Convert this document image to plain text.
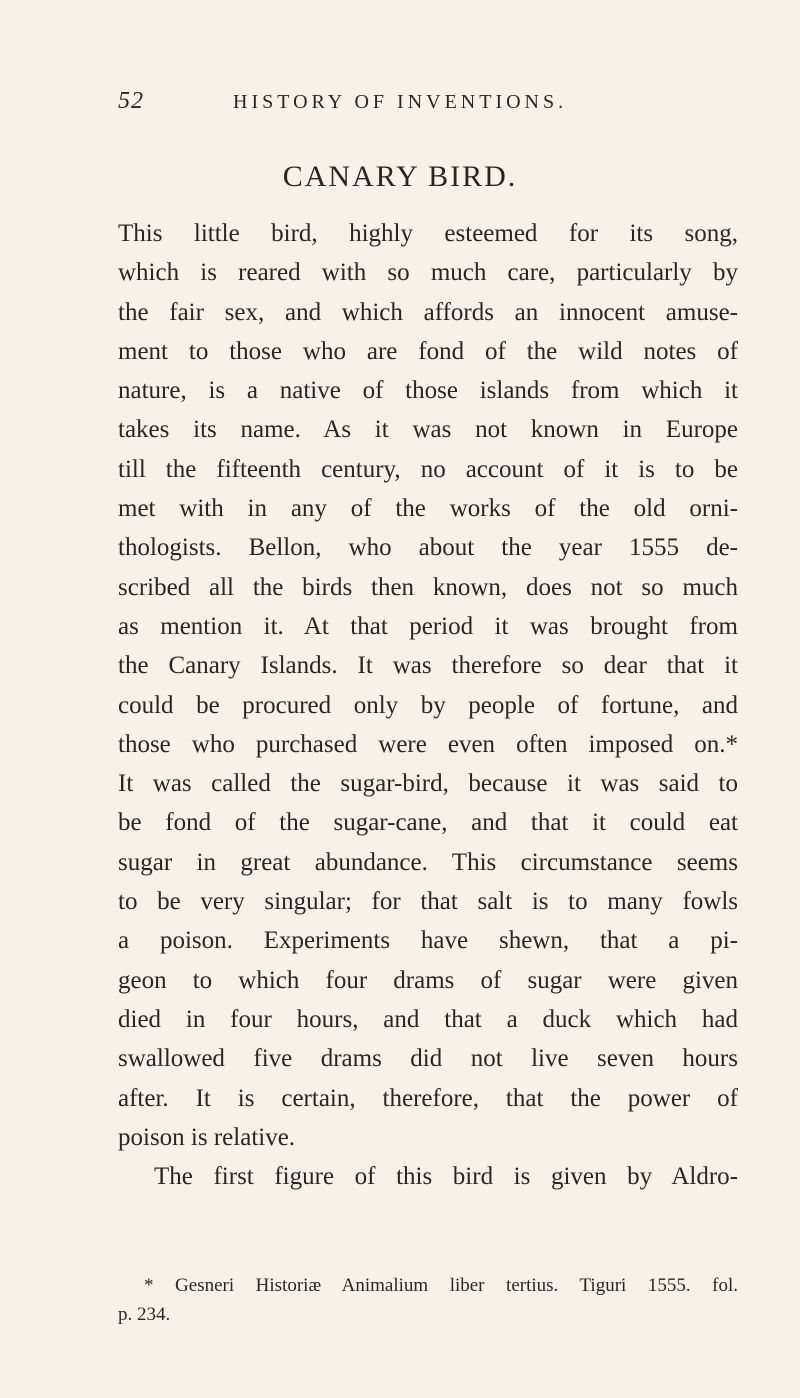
52	HISTORY OF INVENTIONS.
CANARY BIRD.
This little bird, highly esteemed for its song,
which is reared with so much care, particularly by
the fair sex, and which affords an innocent amuse-
ment to those who are fond of the wild notes of
nature, is a native of those islands from which it
takes its name. As it was not known in Europe
till the fifteenth century, no account of it is to be
met with in any of the works of the old orni-
thologists. Bellon, who about the year 1555 de-
scribed all the birds then known, does not so much
as mention it. At that period it was brought from
the Canary Islands. It was therefore so dear that it
could be procured only by people of fortune, and
those who purchased were even often imposed on.*
It was called the sugar-bird, because it was said to
be fond of the sugar-cane, and that it could eat
sugar in great abundance. This circumstance seems
to be very singular; for that salt is to many fowls
a poison. Experiments have shewn, that a pi-
geon to which four drams of sugar were given
died in four hours, and that a duck which had
swallowed five drams did not live seven hours
after. It is certain, therefore, that the power of
poison is relative.
The first figure of this bird is given by Aldro-
* Gesneri Historiæ Animalium liber tertius. Tiguri 1555. fol.
p. 234.
